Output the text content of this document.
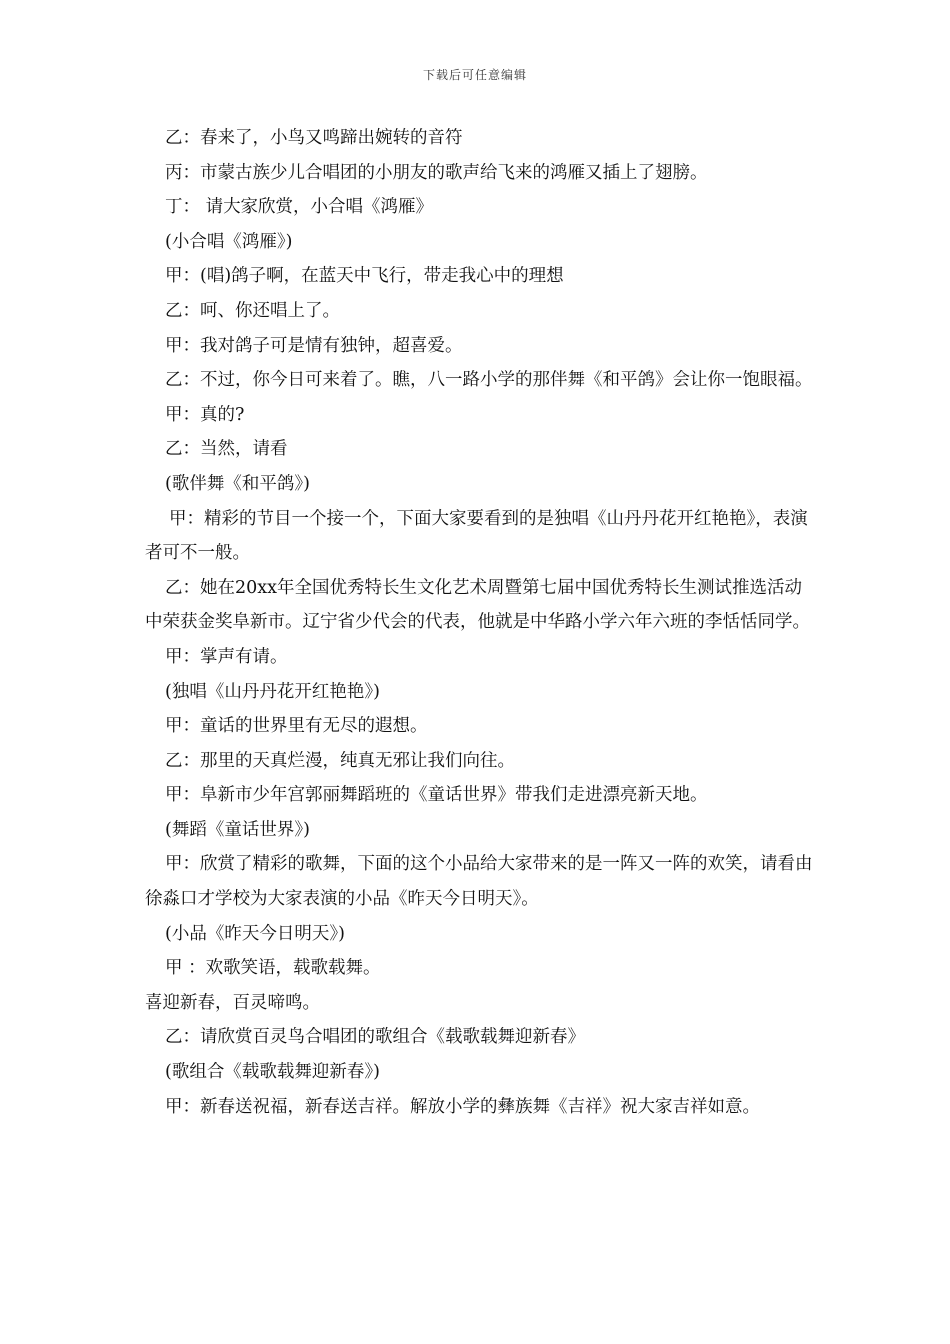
下载后可任意编辑

乙：春来了，小鸟又鸣蹄出婉转的音符

丙：市蒙古族少儿合唱团的小朋友的歌声给飞来的鸿雁又插上了翅膀。

丁： 请大家欣赏，小合唱《鸿雁》

(小合唱《鸿雁》)

甲：(唱)鸽子啊，在蓝天中飞行，带走我心中的理想

乙：呵、你还唱上了。

甲：我对鸽子可是情有独钟，超喜爱。

乙：不过，你今日可来着了。瞧，八一路小学的那伴舞《和平鸽》会让你一饱眼福。

甲：真的?

乙：当然，请看

(歌伴舞《和平鸽》)

甲：精彩的节目一个接一个，下面大家要看到的是独唱《山丹丹花开红艳艳》，表演者可不一般。

乙：她在20xx年全国优秀特长生文化艺术周暨第七届中国优秀特长生测试推选活动中荣获金奖阜新市。辽宁省少代会的代表，他就是中华路小学六年六班的李恬恬同学。

甲：掌声有请。

(独唱《山丹丹花开红艳艳》)

甲：童话的世界里有无尽的遐想。

乙：那里的天真烂漫，纯真无邪让我们向往。

甲：阜新市少年宫郭丽舞蹈班的《童话世界》带我们走进漂亮新天地。

(舞蹈《童话世界》)

甲：欣赏了精彩的歌舞，下面的这个小品给大家带来的是一阵又一阵的欢笑，请看由徐淼口才学校为大家表演的小品《昨天今日明天》。

(小品《昨天今日明天》)

甲 ：欢歌笑语，载歌载舞。

喜迎新春，百灵啼鸣。

乙：请欣赏百灵鸟合唱团的歌组合《载歌载舞迎新春》

(歌组合《载歌载舞迎新春》)

甲：新春送祝福，新春送吉祥。解放小学的彝族舞《吉祥》祝大家吉祥如意。
